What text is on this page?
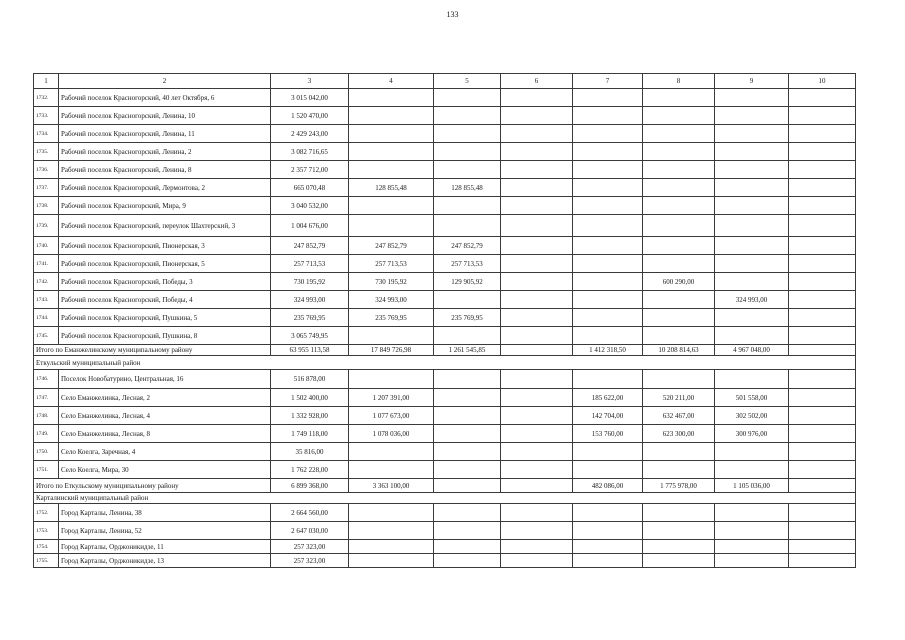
133
1	2	3	4	5	6	7	8	9	10
1732.	Рабочий поселок Красногорский, 40 лет Октября, 6	3 015 042,00							
1733.	Рабочий поселок Красногорский, Ленина, 10	1 520 470,00							
1734.	Рабочий поселок Красногорский, Ленина, 11	2 429 243,00							
1735.	Рабочий поселок Красногорский, Ленина, 2	3 082 716,65							
1736.	Рабочий поселок Красногорский, Ленина, 8	2 357 712,00							
1737.	Рабочий поселок Красногорский, Лермонтова, 2	665 070,48	128 855,48	128 855,48					
1738.	Рабочий поселок Красногорский, Мира, 9	3 040 532,00							
1739.	Рабочий поселок Красногорский, переулок Шахтерский, 3	1 004 676,00							
1740.	Рабочий поселок Красногорский, Пионерская, 3	247 852,79	247 852,79	247 852,79					
1741.	Рабочий поселок Красногорский, Пионерская, 5	257 713,53	257 713,53	257 713,53					
1742.	Рабочий поселок Красногорский, Победы, 3	730 195,92	730 195,92	129 905,92			600 290,00		
1743.	Рабочий поселок Красногорский, Победы, 4	324 993,00	324 993,00					324 993,00	
1744.	Рабочий поселок Красногорский, Пушкина, 5	235 769,95	235 769,95	235 769,95					
1745.	Рабочий поселок Красногорский, Пушкина, 8	3 065 749,95							
Итого по Еманжелинскому муниципальному району		63 955 113,58	17 849 726,98	1 261 545,85		1 412 318,50	10 208 814,63	4 967 048,00	
Еткульский муниципальный район									
1746.	Поселок Новобатурино, Центральная, 16	516 878,00							
1747.	Село Еманжелинка, Лесная, 2	1 502 400,00	1 207 391,00			185 622,00	520 211,00	501 558,00	
1748.	Село Еманжелинка, Лесная, 4	1 332 928,00	1 077 673,00			142 704,00	632 467,00	302 502,00	
1749.	Село Еманжелинка, Лесная, 8	1 749 118,00	1 078 036,00			153 760,00	623 300,00	300 976,00	
1750.	Село Коелга, Заречная, 4	35 816,00							
1751.	Село Коелга, Мира, 30	1 762 228,00							
Итого по Еткульскому муниципальному району		6 899 368,00	3 363 100,00			482 086,00	1 775 978,00	1 105 036,00	
Карталинский муниципальный район									
1752.	Город Карталы, Ленина, 38	2 664 560,00							
1753.	Город Карталы, Ленина, 52	2 647 030,00							
1754.	Город Карталы, Орджоникидзе, 11	257 323,00							
1755.	Город Карталы, Орджоникидзе, 13	257 323,00							
